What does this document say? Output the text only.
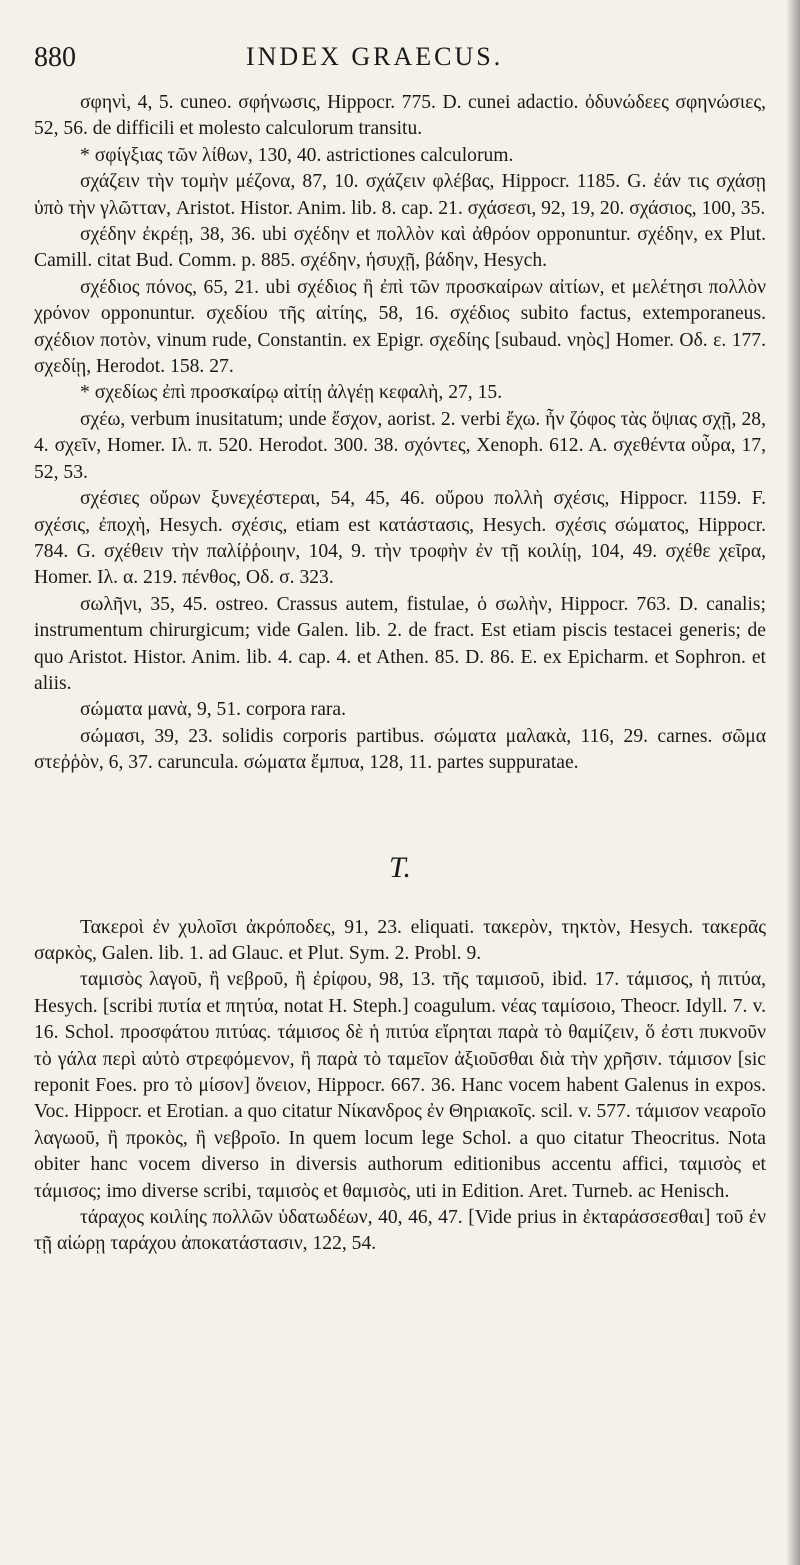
880	INDEX GRAECUS.

σφηνὶ, 4, 5. cuneo. σφήνωσις, Hippocr. 775. D. cunei adactio. ὀδυνώδεες σφηνώσιες, 52, 56. de difficili et molesto calculorum transitu.

* σφίγξιας τῶν λίθων, 130, 40. astrictiones calculorum.

σχάζειν τὴν τομὴν μέζονα, 87, 10. σχάζειν φλέβας, Hippocr. 1185. G. ἐάν τις σχάσῃ ὑπὸ τὴν γλῶτταν, Aristot. Histor. Anim. lib. 8. cap. 21. σχάσεσι, 92, 19, 20. σχάσιος, 100, 35.

σχέδην ἐκρέῃ, 38, 36. ubi σχέδην et πολλὸν καὶ ἀθρόον opponuntur. σχέδην, ex Plut. Camill. citat Bud. Comm. p. 885. σχέδην, ἡσυχῇ, βάδην, Hesych.

σχέδιος πόνος, 65, 21. ubi σχέδιος ἢ ἐπὶ τῶν προσκαίρων αἰτίων, et μελέτησι πολλὸν χρόνον opponuntur. σχεδίου τῆς αἰτίης, 58, 16. σχέδιος subito factus, extemporaneus. σχέδιον ποτὸν, vinum rude, Constantin. ex Epigr. σχεδίης [subaud. νηὸς] Homer. Οδ. ε. 177. σχεδίῃ, Herodot. 158. 27.

* σχεδίως ἐπὶ προσκαίρῳ αἰτίῃ ἀλγέῃ κεφαλὴ, 27, 15.

σχέω, verbum inusitatum; unde ἔσχον, aorist. 2. verbi ἔχω. ἦν ζόφος τὰς ὄψιας σχῇ, 28, 4. σχεῖν, Homer. Ιλ. π. 520. Herodot. 300. 38. σχόντες, Xenoph. 612. A. σχεθέντα οὖρα, 17, 52, 53.

σχέσιες οὔρων ξυνεχέστεραι, 54, 45, 46. οὔρου πολλὴ σχέσις, Hippocr. 1159. F. σχέσις, ἐποχὴ, Hesych. σχέσις, etiam est κατάστασις, Hesych. σχέσις σώματος, Hippocr. 784. G. σχέθειν τὴν παλίῤῥοιην, 104, 9. τὴν τροφὴν ἐν τῇ κοιλίῃ, 104, 49. σχέθε χεῖρα, Homer. Ιλ. α. 219. πένθος, Οδ. σ. 323.

σωλῆνι, 35, 45. ostreo. Crassus autem, fistulae, ὁ σωλὴν, Hippocr. 763. D. canalis; instrumentum chirurgicum; vide Galen. lib. 2. de fract. Est etiam piscis testacei generis; de quo Aristot. Histor. Anim. lib. 4. cap. 4. et Athen. 85. D. 86. E. ex Epicharm. et Sophron. et aliis.

σώματα μανὰ, 9, 51. corpora rara.

σώμασι, 39, 23. solidis corporis partibus. σώματα μαλακὰ, 116, 29. carnes. σῶμα στεῤῥὸν, 6, 37. caruncula. σώματα ἔμπυα, 128, 11. partes suppuratae.

T.

Τακεροὶ ἐν χυλοῖσι ἀκρόποδες, 91, 23. eliquati. τακερὸν, τηκτὸν, Hesych. τακερᾶς σαρκὸς, Galen. lib. 1. ad Glauc. et Plut. Sym. 2. Probl. 9.

ταμισὸς λαγοῦ, ἢ νεβροῦ, ἢ ἐρίφου, 98, 13. τῆς ταμισοῦ, ibid. 17. τάμισος, ἡ πιτύα, Hesych. [scribi πυτία et πητύα, notat H. Steph.] coagulum. νέας ταμίσοιο, Theocr. Idyll. 7. v. 16. Schol. προσφάτου πιτύας. τάμισος δὲ ἡ πιτύα εἴρηται παρὰ τὸ θαμίζειν, ὅ ἐστι πυκνοῦν τὸ γάλα περὶ αὐτὸ στρεφόμενον, ἢ παρὰ τὸ ταμεῖον ἀξιοῦσθαι διὰ τὴν χρῆσιν. τάμισον [sic reponit Foes. pro τὸ μίσον] ὄνειον, Hippocr. 667. 36. Hanc vocem habent Galenus in expos. Voc. Hippocr. et Erotian. a quo citatur Νίκανδρος ἐν Θηριακοῖς. scil. v. 577. τάμισον νεαροῖο λαγωοῦ, ἢ προκὸς, ἢ νεβροῖο. In quem locum lege Schol. a quo citatur Theocritus. Nota obiter hanc vocem diverso in diversis authorum editionibus accentu affici, ταμισὸς et τάμισος; imo diverse scribi, ταμισὸς et θαμισὸς, uti in Edition. Aret. Turneb. ac Henisch.

τάραχος κοιλίης πολλῶν ὑδατωδέων, 40, 46, 47. [Vide prius in ἐκταράσσεσθαι] τοῦ ἐν τῇ αἰώρῃ ταράχου ἀποκατάστασιν, 122, 54.
